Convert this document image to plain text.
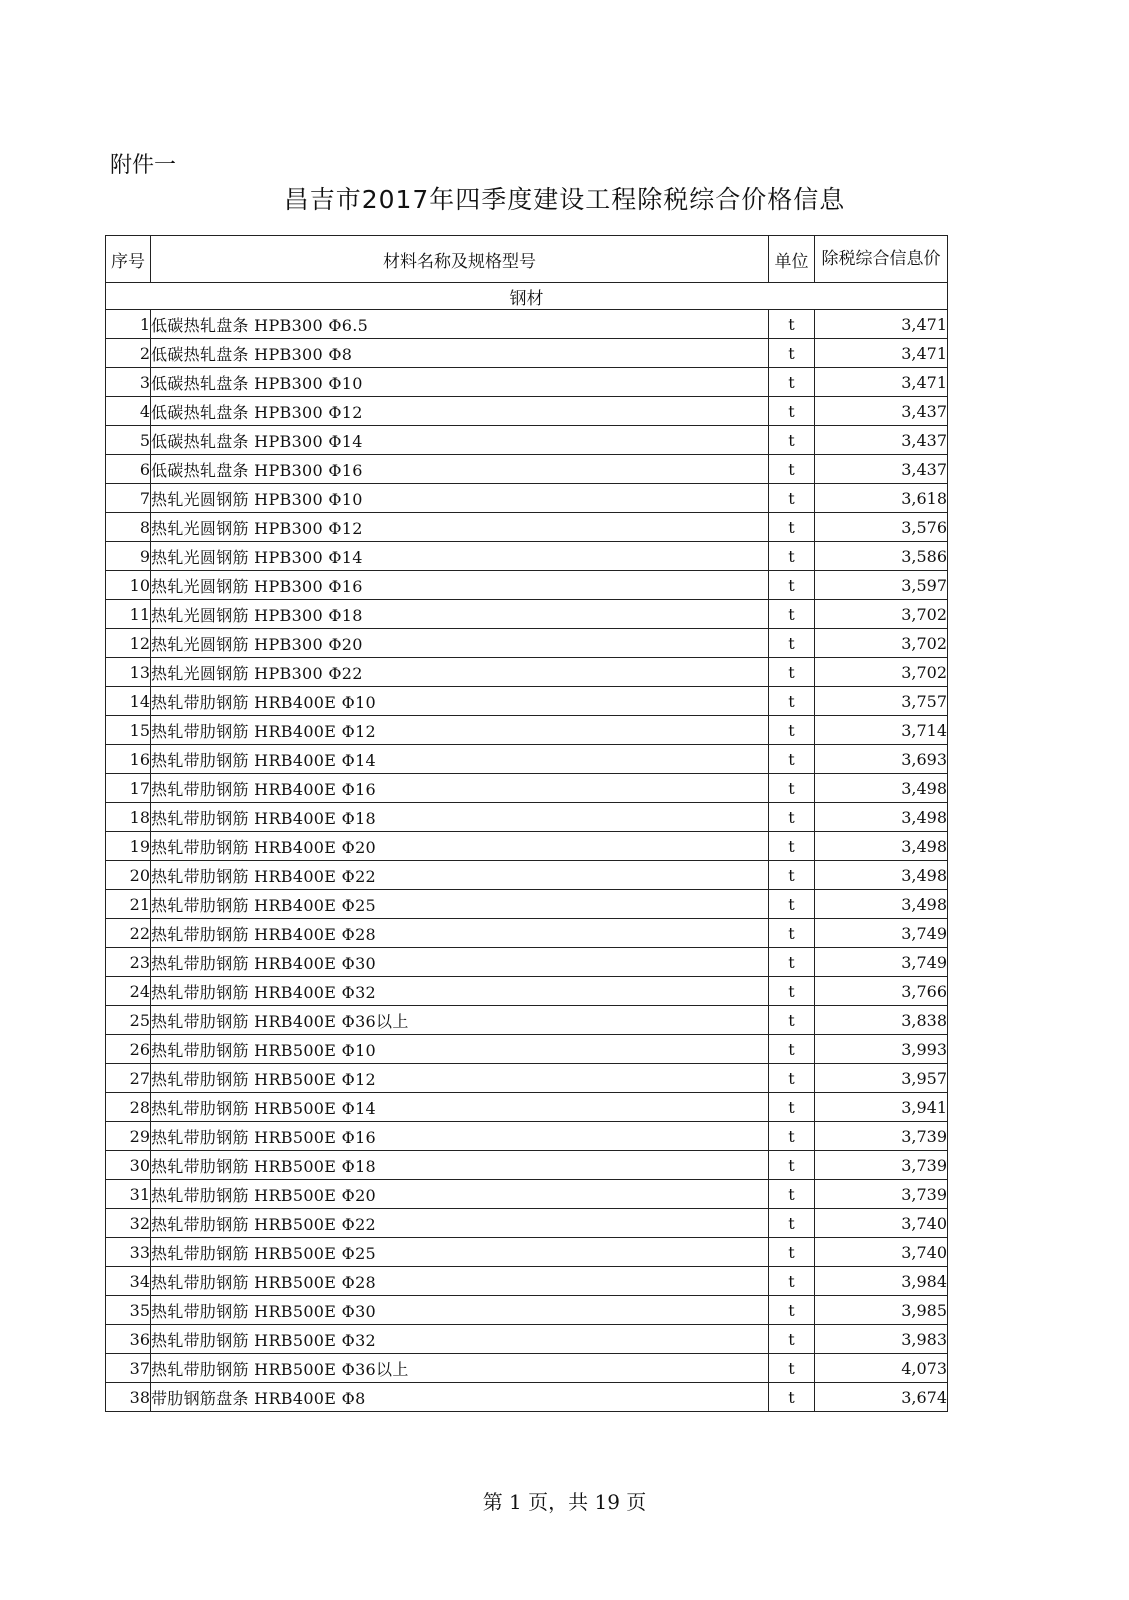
附件一
昌吉市2017年四季度建设工程除税综合价格信息
序号	材料名称及规格型号	单位	除税综合信息价
钢材			
1	低碳热轧盘条 HPB300 Φ6.5	t	3,471
2	低碳热轧盘条 HPB300 Φ8	t	3,471
3	低碳热轧盘条 HPB300 Φ10	t	3,471
4	低碳热轧盘条 HPB300 Φ12	t	3,437
5	低碳热轧盘条 HPB300 Φ14	t	3,437
6	低碳热轧盘条 HPB300 Φ16	t	3,437
7	热轧光圆钢筋 HPB300 Φ10	t	3,618
8	热轧光圆钢筋 HPB300 Φ12	t	3,576
9	热轧光圆钢筋 HPB300 Φ14	t	3,586
10	热轧光圆钢筋 HPB300 Φ16	t	3,597
11	热轧光圆钢筋 HPB300 Φ18	t	3,702
12	热轧光圆钢筋 HPB300 Φ20	t	3,702
13	热轧光圆钢筋 HPB300 Φ22	t	3,702
14	热轧带肋钢筋 HRB400E Φ10	t	3,757
15	热轧带肋钢筋 HRB400E Φ12	t	3,714
16	热轧带肋钢筋 HRB400E Φ14	t	3,693
17	热轧带肋钢筋 HRB400E Φ16	t	3,498
18	热轧带肋钢筋 HRB400E Φ18	t	3,498
19	热轧带肋钢筋 HRB400E Φ20	t	3,498
20	热轧带肋钢筋 HRB400E Φ22	t	3,498
21	热轧带肋钢筋 HRB400E Φ25	t	3,498
22	热轧带肋钢筋 HRB400E Φ28	t	3,749
23	热轧带肋钢筋 HRB400E Φ30	t	3,749
24	热轧带肋钢筋 HRB400E Φ32	t	3,766
25	热轧带肋钢筋 HRB400E Φ36以上	t	3,838
26	热轧带肋钢筋 HRB500E Φ10	t	3,993
27	热轧带肋钢筋 HRB500E Φ12	t	3,957
28	热轧带肋钢筋 HRB500E Φ14	t	3,941
29	热轧带肋钢筋 HRB500E Φ16	t	3,739
30	热轧带肋钢筋 HRB500E Φ18	t	3,739
31	热轧带肋钢筋 HRB500E Φ20	t	3,739
32	热轧带肋钢筋 HRB500E Φ22	t	3,740
33	热轧带肋钢筋 HRB500E Φ25	t	3,740
34	热轧带肋钢筋 HRB500E Φ28	t	3,984
35	热轧带肋钢筋 HRB500E Φ30	t	3,985
36	热轧带肋钢筋 HRB500E Φ32	t	3,983
37	热轧带肋钢筋 HRB500E Φ36以上	t	4,073
38	带肋钢筋盘条 HRB400E Φ8	t	3,674
第 1 页，共 19 页
